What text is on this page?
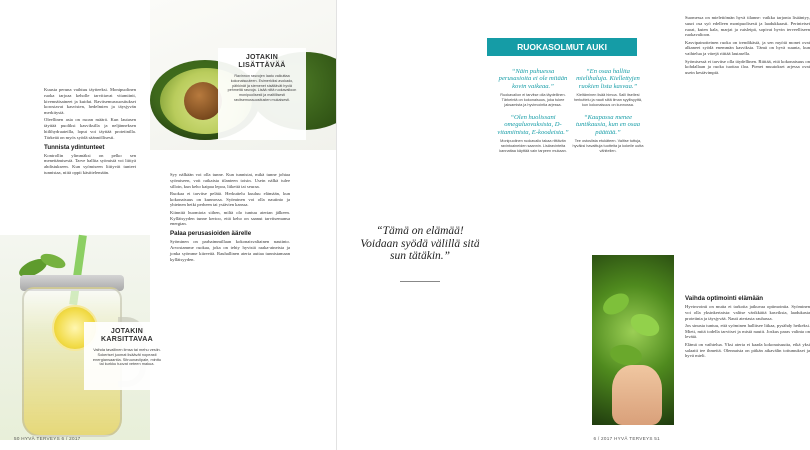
JOTAKIN
LISÄTTÄVÄÄ
Ravinnon rasvojen laatu vaikuttaa kokonaisuuteen. Esimerkiksi avokado, pähkinät ja siemenet sisältävät hyviä pehmeitä rasvoja. Lisää niitä ruokavalioon monipuolisesti ja maltillisesti ravitsemussuositusten mukaisesti.

Kuusta peruna vaihtuu täytteeksi. Monipuolinen ruoka tarjoaa keholle tarvittavat vitamiinit, kivennäisaineet ja kuidut. Ravitsemussuositukset korostavat kasvisten, hedelmien ja täysjyvän merkitystä.

Oleellinen asia on ruoan määrä. Kun lautasen täyttää puoliksi kasviksilla ja neljänneksen hiilihydraateilla, loput voi täyttää proteiinilla. Tärkeää on myös syödä säännöllisesti.

Tunnista ydintunteet

Kontrollin ylimmäksi on pelko sen menettämisestä. Tarve hallita syömistä voi liittyä ahdistukseen. Kun syömiseen liittyvät tunteet tunnistaa, niitä oppii käsittelemään.	Syy nälkään voi olla tunne. Kun tunnistat, mikä tunne johtaa syömiseen, voit ratkaista tilanteen toisin. Usein nälkä tulee silloin, kun keho kaipaa lepoa, liikettä tai seuraa.

Ruokaa ei tarvitse pelätä. Herkuttelu kuuluu elämään, kun kokonaisuus on kunnossa. Syöminen voi olla nautinto ja yhteinen hetki perheen tai ystävien kanssa.

Kiinnitä huomiota siihen, miltä olo tuntuu aterian jälkeen. Kylläisyyden tunne kertoo, että keho on saanut tarvitsemansa energian.

Palaa perusasioiden äärelle

Syöminen on parhaimmillaan kokonaisvaltainen nautinto. Arvostamme ruokaa, joka on tehty hyvistä raaka-aineista ja jonka syömme kiireettä. Rauhallinen ateria auttaa tunnistamaan kylläisyyden.

JOTAKIN
KARSITTAVAA
Vaihda tavallinen limsa tai mehu vesiin. Sokeriset juomat lisäävät nopeasti energiansaantia. Sitruunaviipale, minttu tai kurkku tuovat veteen makua.
50 HYVÄ TERVEYS 6 / 2017

Suomessa on mielettömän hyvä tilanne: vaikka tarjonta lisääntyy, suuri osa syö edelleen monipuolisesti ja laadukkaasti. Perinteiset ruoat, kuten kala, marjat ja ruisleipä, sopivat hyvin terveelliseen ruokavalioon.

Kasvipainotteinen ruoka on trendikästä, ja sen myötä monet ovat alkaneet syödä enemmän kasviksia. Tämä on hyvä suunta, kun vaihtelua ja värejä riittää lautasella.

Syömisessä ei tarvitse olla täydellinen. Riittää, että kokonaisuus on kohdallaan ja ruoka tuottaa iloa. Pienet muutokset arjessa ovat usein kestävimpiä.

Vaihda optimointi elämään

Hyvinvointi on mutta ei tarkoita jatkuvaa optimointia. Syöminen voi olla yksinkertaista: valitse värikkäitä kasviksia, laadukasta proteiinia ja täysjyvää. Nauti ateriasta rauhassa.

Jos sinusta tuntuu, että syöminen hallitsee liikaa, pysähdy hetkeksi. Mieti, mitä todella tarvitset ja mistä nautit. Joskus paras valinta on levätä.

Elämä on vaihtelua. Yksi ateria ei kaada kokonaisuutta, eikä yksi salaatti tee ihmeitä. Olennaista on pitkän aikavälin tottumukset ja hyvä mieli.

6 / 2017 HYVÄ TERVEYS 51
“Tämä on elämää! Voidaan syödä välillä sitä sun tätäkin.”
RUOKASOLMUT AUKI
“Näin puhuessa perusasioita ei ole mitään kovin vaikeaa.”
Ruokavalion ei tarvitse olla täydellinen. Tärkeintä on kokonaisuus, joka tukee jaksamista ja hyvinvointia arjessa.
“Olen huolissani omegaluovuksista, D-vitamiinista, E-koodeista.”
Monipuolinen ruokavalio takaa riittävän ravintoaineiden saannin. Lisäravinteita kannattaa käyttää vain tarpeen mukaan.
“En osaa hallita mielihaluja. Kiellettyjen ruokien lista kasvaa.”
Kieltäminen lisää himoa. Salli itsellesi herkuttelu ja nauti siitä ilman syyllisyyttä, kun kokonaisuus on kunnossa.
“Kaupassa menee tuntikausia, kun en osaa päättää.”
Tee ostoslista etukäteen. Valitse tuttuja, hyväksi havaittuja tuotteita ja kokeile uutta vähitellen.
